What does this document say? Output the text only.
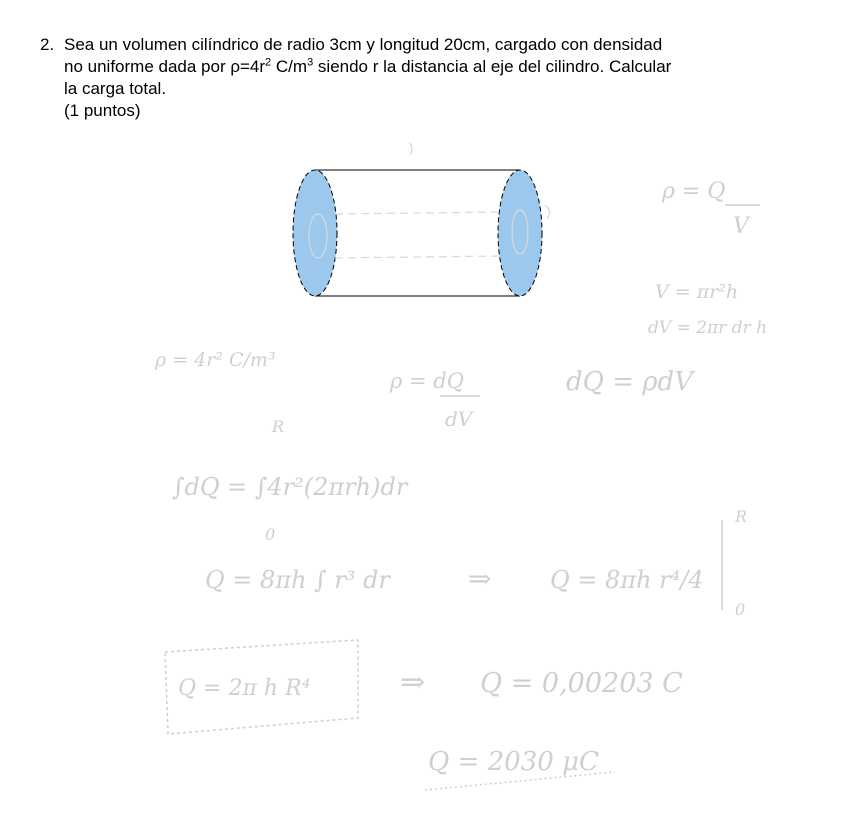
2. Sea un volumen cilíndrico de radio 3cm y longitud 20cm, cargado con densidad
no uniforme dada por $\rho=4r^2$ $C/m^3$ siendo r la distancia al eje del cilindro. Calcular
la carga total.
(1 puntos)
ρ = Q
V
V = πr²h
dV = 2πr dr h
ρ = 4r² C/m³
ρ = dQ
dV
dQ = ρdV
R
∫dQ = ∫4r²(2πrh)dr
0
Q = 8πh ∫ r³ dr	⇒ Q = 8πh r⁴/4
R
0
Q = 2π h R⁴	⇒ Q = 0,00203 C
Q = 2030 μC
